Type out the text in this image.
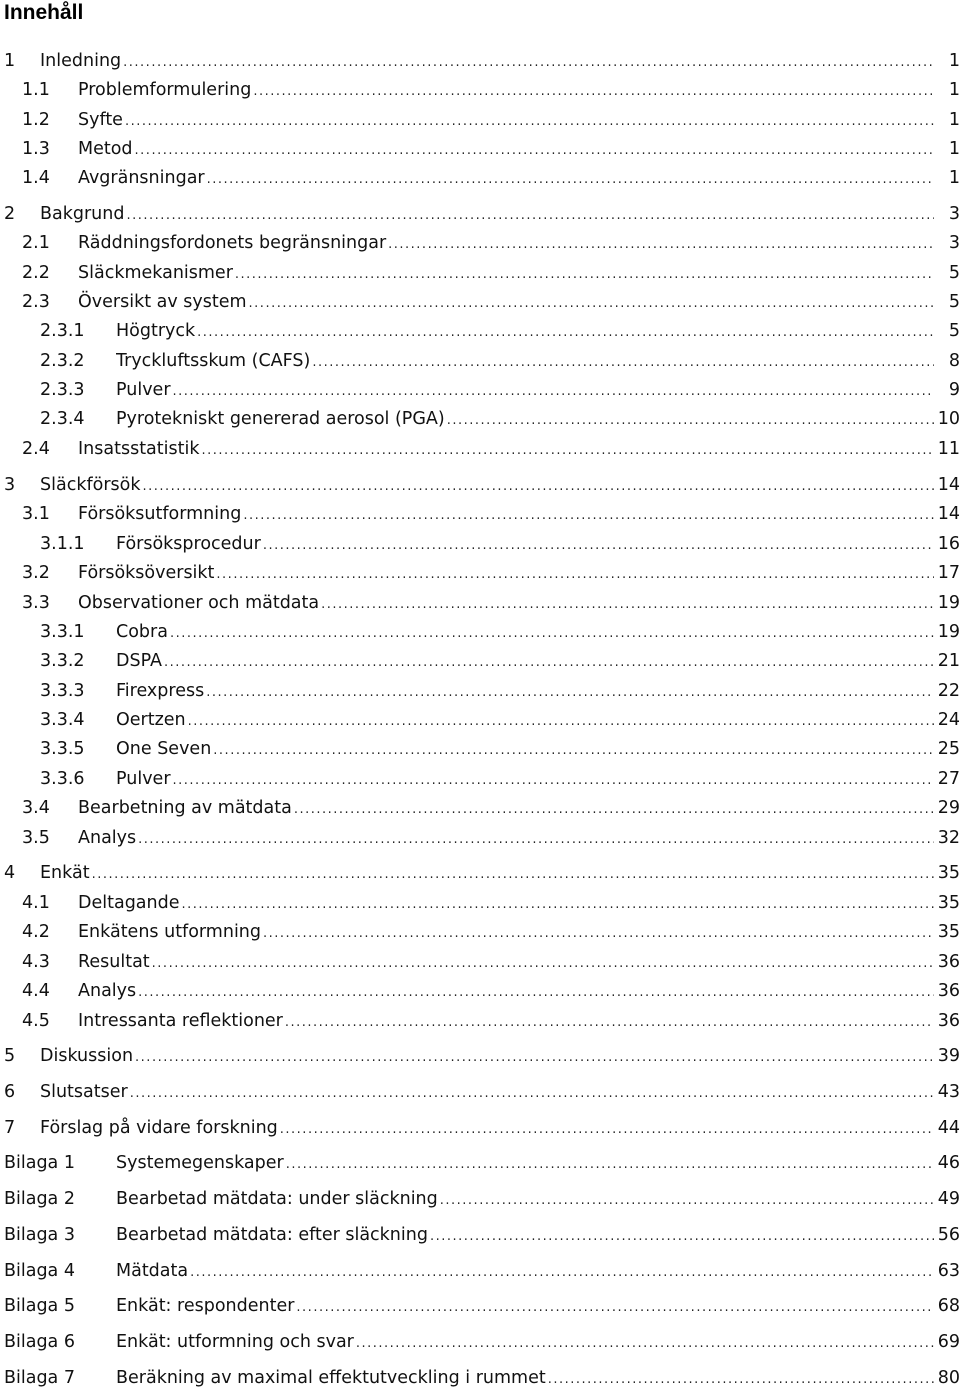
Innehåll
1 Inledning .....	1
1.1 Problemformulering .....	1
1.2 Syfte .....	1
1.3 Metod .....	1
1.4 Avgränsningar .....	1
2 Bakgrund .....	3
2.1 Räddningsfordonets begränsningar .....	3
2.2 Släckmekanismer .....	5
2.3 Översikt av system .....	5
2.3.1 Högtryck .....	5
2.3.2 Tryckluftsskum (CAFS) .....	8
2.3.3 Pulver .....	9
2.3.4 Pyrotekniskt genererad aerosol (PGA) .....	10
2.4 Insatsstatistik .....	11
3 Släckförsök .....	14
3.1 Försöksutformning .....	14
3.1.1 Försöksprocedur .....	16
3.2 Försöksöversikt .....	17
3.3 Observationer och mätdata .....	19
3.3.1 Cobra .....	19
3.3.2 DSPA .....	21
3.3.3 Firexpress .....	22
3.3.4 Oertzen .....	24
3.3.5 One Seven .....	25
3.3.6 Pulver .....	27
3.4 Bearbetning av mätdata .....	29
3.5 Analys .....	32
4 Enkät .....	35
4.1 Deltagande .....	35
4.2 Enkätens utformning .....	35
4.3 Resultat .....	36
4.4 Analys .....	36
4.5 Intressanta reflektioner .....	36
5 Diskussion .....	39
6 Slutsatser .....	43
7 Förslag på vidare forskning .....	44
Bilaga 1 Systemegenskaper .....	46
Bilaga 2 Bearbetad mätdata: under släckning .....	49
Bilaga 3 Bearbetad mätdata: efter släckning .....	56
Bilaga 4 Mätdata .....	63
Bilaga 5 Enkät: respondenter .....	68
Bilaga 6 Enkät: utformning och svar .....	69
Bilaga 7 Beräkning av maximal effektutveckling i rummet .....	80
